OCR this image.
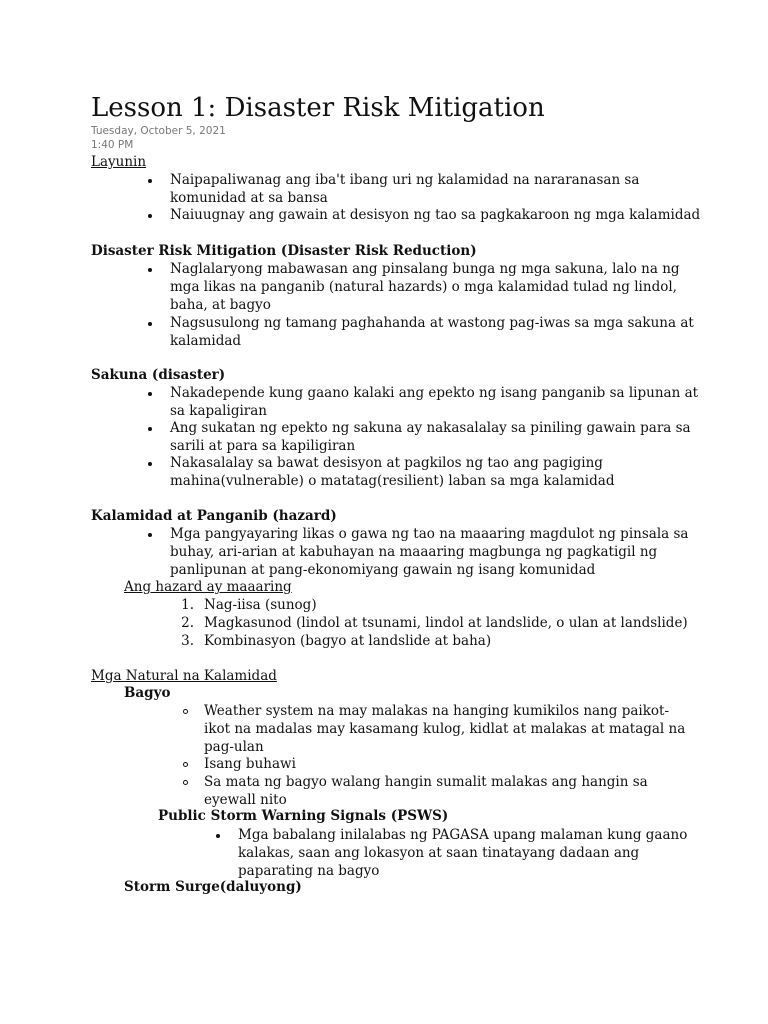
Lesson 1: Disaster Risk Mitigation
Tuesday, October 5, 2021
1:40 PM
Layunin
Naipapaliwanag ang iba't ibang uri ng kalamidad na nararanasan sa
komunidad at sa bansa
Naiuugnay ang gawain at desisyon ng tao sa pagkakaroon ng mga kalamidad
Disaster Risk Mitigation (Disaster Risk Reduction)
Naglalaryong mabawasan ang pinsalang bunga ng mga sakuna, lalo na ng
mga likas na panganib (natural hazards) o mga kalamidad tulad ng lindol,
baha, at bagyo
Nagsusulong ng tamang paghahanda at wastong pag-iwas sa mga sakuna at
kalamidad
Sakuna (disaster)
Nakadepende kung gaano kalaki ang epekto ng isang panganib sa lipunan at
sa kapaligiran
Ang sukatan ng epekto ng sakuna ay nakasalalay sa piniling gawain para sa
sarili at para sa kapiligiran
Nakasalalay sa bawat desisyon at pagkilos ng tao ang pagiging
mahina(vulnerable) o matatag(resilient) laban sa mga kalamidad
Kalamidad at Panganib (hazard)
Mga pangyayaring likas o gawa ng tao na maaaring magdulot ng pinsala sa
buhay, ari-arian at kabuhayan na maaaring magbunga ng pagkatigil ng
panlipunan at pang-ekonomiyang gawain ng isang komunidad
Ang hazard ay maaaring
1. Nag-iisa (sunog)
2. Magkasunod (lindol at tsunami, lindol at landslide, o ulan at landslide)
3. Kombinasyon (bagyo at landslide at baha)
Mga Natural na Kalamidad
Bagyo
Weather system na may malakas na hanging kumikilos nang paikot-
ikot na madalas may kasamang kulog, kidlat at malakas at matagal na
pag-ulan
Isang buhawi
Sa mata ng bagyo walang hangin sumalit malakas ang hangin sa
eyewall nito
Public Storm Warning Signals (PSWS)
Mga babalang inilalabas ng PAGASA upang malaman kung gaano
kalakas, saan ang lokasyon at saan tinatayang dadaan ang
paparating na bagyo
Storm Surge(daluyong)
